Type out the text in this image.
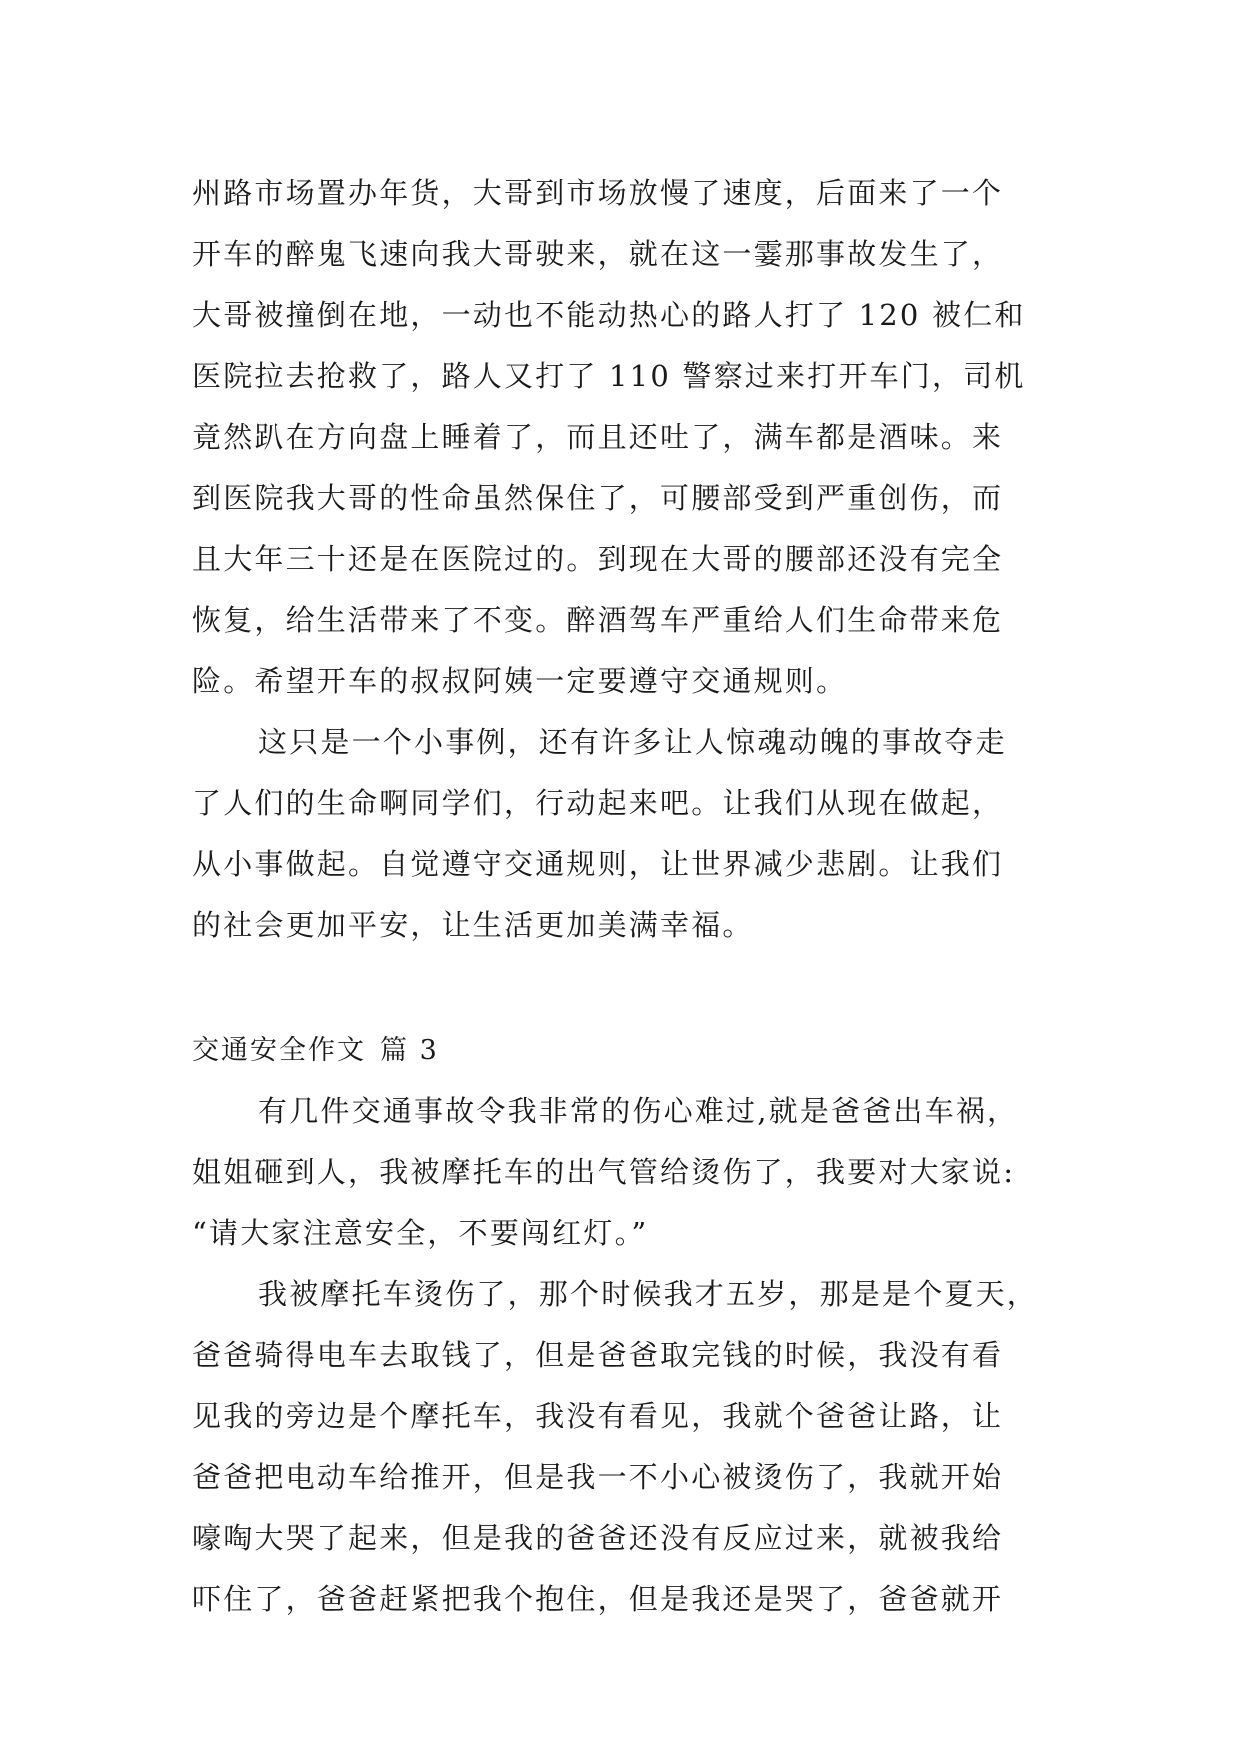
州路市场置办年货，大哥到市场放慢了速度，后面来了一个
开车的醉鬼飞速向我大哥驶来，就在这一霎那事故发生了，
大哥被撞倒在地，一动也不能动热心的路人打了 120 被仁和
医院拉去抢救了，路人又打了 110 警察过来打开车门，司机
竟然趴在方向盘上睡着了，而且还吐了，满车都是酒味。来
到医院我大哥的性命虽然保住了，可腰部受到严重创伤，而
且大年三十还是在医院过的。到现在大哥的腰部还没有完全
恢复，给生活带来了不变。醉酒驾车严重给人们生命带来危
险。希望开车的叔叔阿姨一定要遵守交通规则。
这只是一个小事例，还有许多让人惊魂动魄的事故夺走
了人们的生命啊同学们，行动起来吧。让我们从现在做起，
从小事做起。自觉遵守交通规则，让世界减少悲剧。让我们
的社会更加平安，让生活更加美满幸福。
交通安全作文 篇 3
有几件交通事故令我非常的伤心难过,就是爸爸出车祸，
姐姐砸到人，我被摩托车的出气管给烫伤了，我要对大家说:
“请大家注意安全，不要闯红灯。”
我被摩托车烫伤了，那个时候我才五岁，那是是个夏天，
爸爸骑得电车去取钱了，但是爸爸取完钱的时候，我没有看
见我的旁边是个摩托车，我没有看见，我就个爸爸让路，让
爸爸把电动车给推开，但是我一不小心被烫伤了，我就开始
嚎啕大哭了起来，但是我的爸爸还没有反应过来，就被我给
吓住了，爸爸赶紧把我个抱住，但是我还是哭了，爸爸就开
